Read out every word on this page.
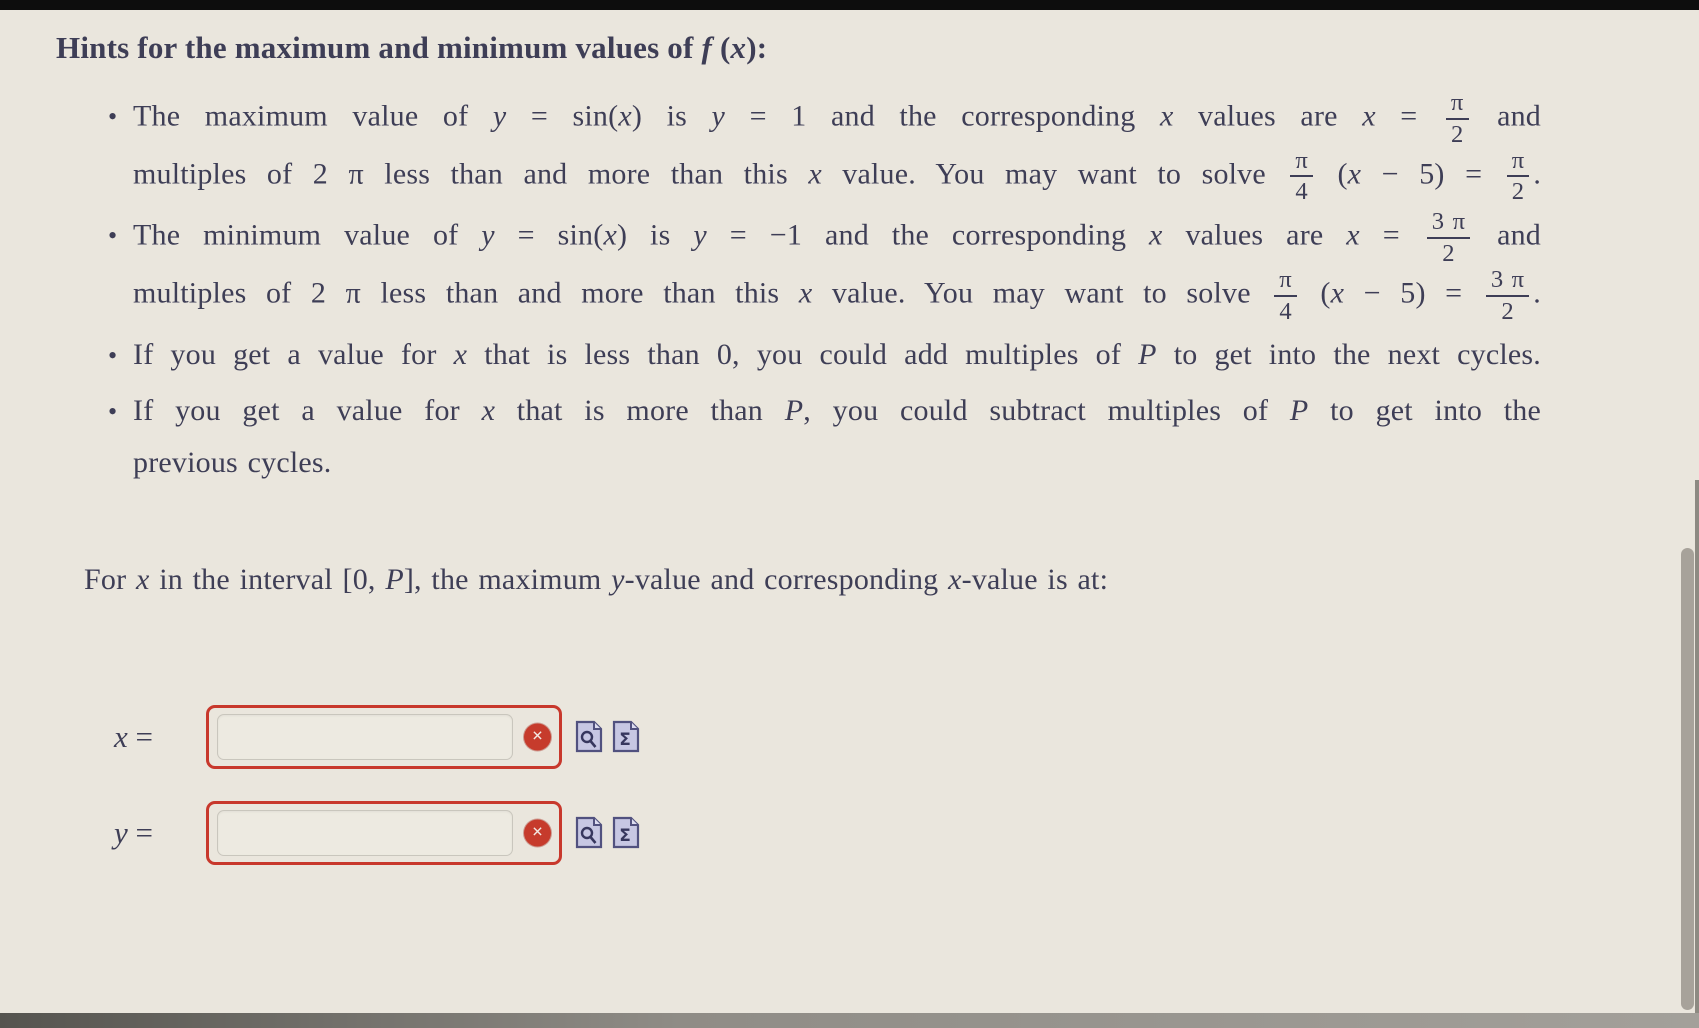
Hints for the maximum and minimum values of f (x):
• The maximum value of y = sin(x) is y = 1 and the corresponding x values are $x = \frac{\pi}{2}$ and
multiples of 2 π less than and more than this x value. You may want to solve $\frac{\pi}{4} (x - 5) = \frac{\pi}{2}$ .
• The minimum value of y = sin(x) is y = −1 and the corresponding x values are $x = \frac{3 \pi}{2}$ and
multiples of 2 π less than and more than this x value. You may want to solve $\frac{\pi}{4} (x - 5) = \frac{3 \pi}{2}$ .
• If you get a value for x that is less than 0, you could add multiples of P to get into the next cycles.
• If you get a value for x that is more than P, you could subtract multiples of P to get into the
previous cycles.
For x in the interval [0, P], the maximum y-value and corresponding x-value is at:
x =	✕	Σ
y =	✕	Σ
